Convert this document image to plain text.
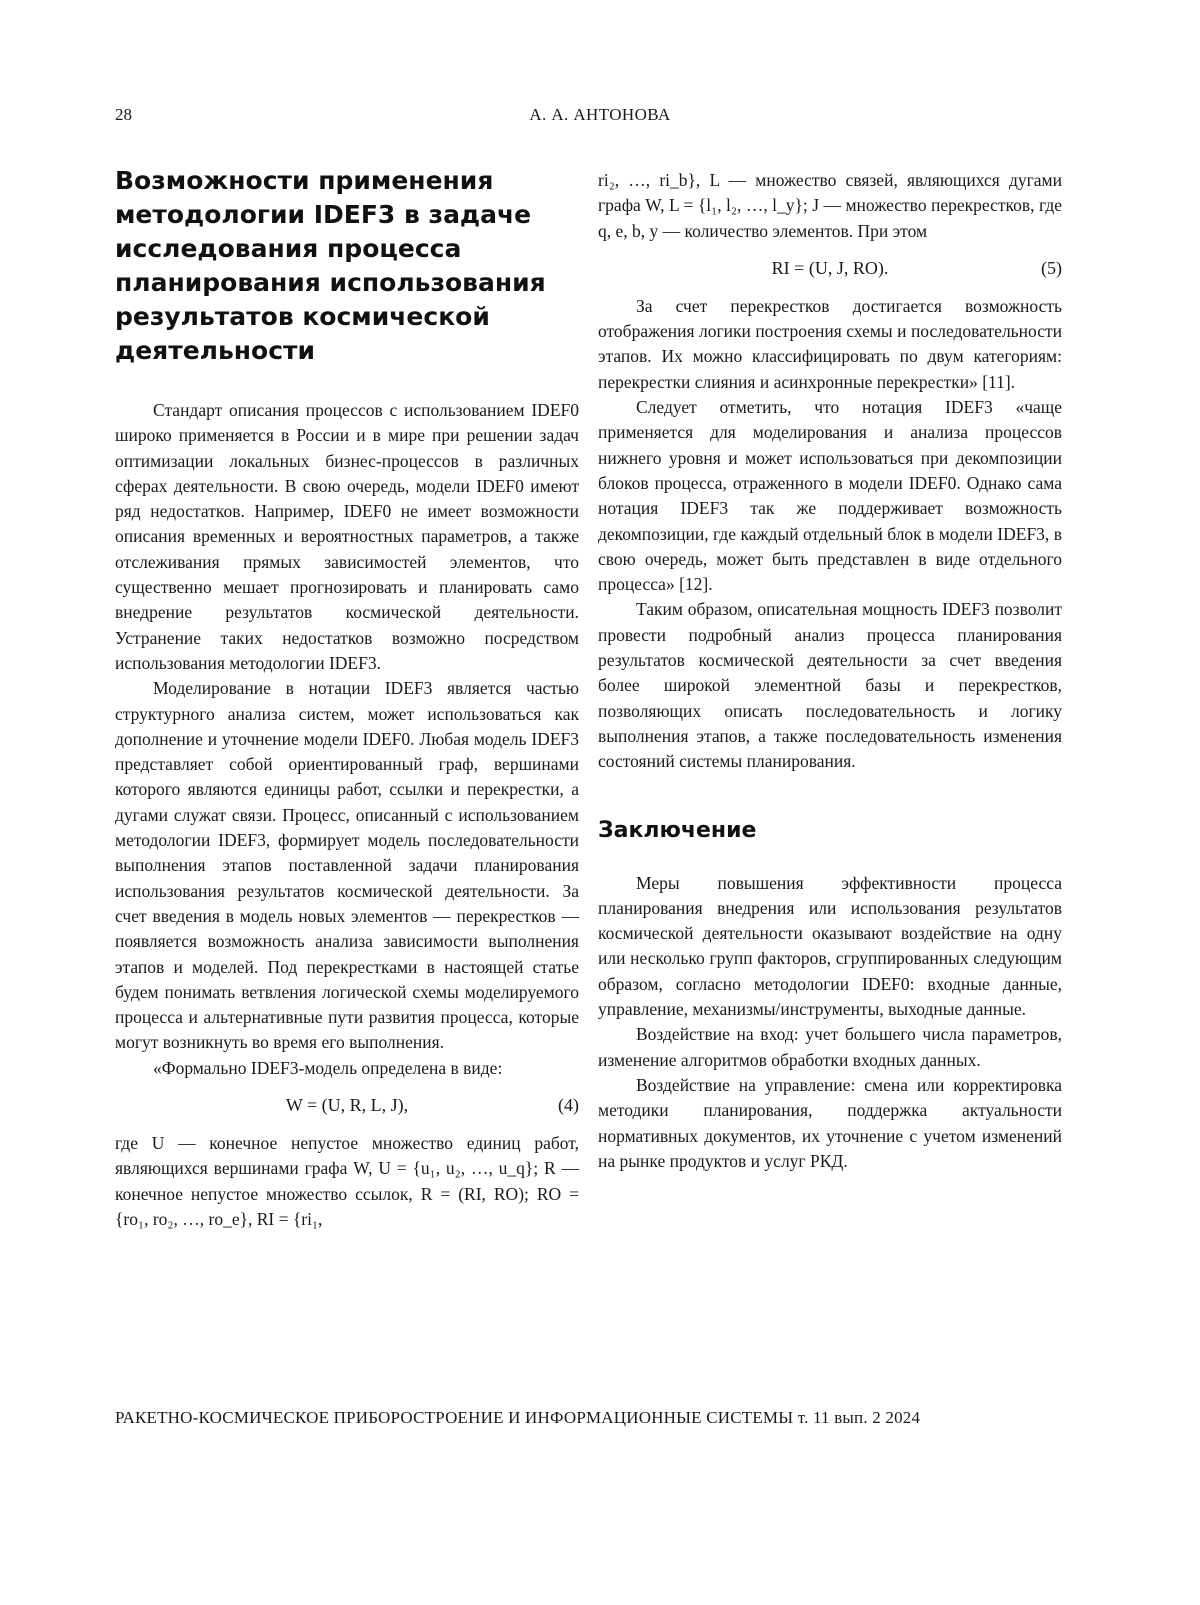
28	А. А. АНТОНОВА
Возможности применения методологии IDEF3 в задаче исследования процесса планирования использования результатов космической деятельности

Стандарт описания процессов с использованием IDEF0 широко применяется в России и в мире при решении задач оптимизации локальных бизнес-процессов в различных сферах деятельности. В свою очередь, модели IDEF0 имеют ряд недостатков. Например, IDEF0 не имеет возможности описания временных и вероятностных параметров, а также отслеживания прямых зависимостей элементов, что существенно мешает прогнозировать и планировать само внедрение результатов космической деятельности. Устранение таких недостатков возможно посредством использования методологии IDEF3.

Моделирование в нотации IDEF3 является частью структурного анализа систем, может использоваться как дополнение и уточнение модели IDEF0. Любая модель IDEF3 представляет собой ориентированный граф, вершинами которого являются единицы работ, ссылки и перекрестки, а дугами служат связи. Процесс, описанный с использованием методологии IDEF3, формирует модель последовательности выполнения этапов поставленной задачи планирования использования результатов космической деятельности. За счет введения в модель новых элементов — перекрестков — появляется возможность анализа зависимости выполнения этапов и моделей. Под перекрестками в настоящей статье будем понимать ветвления логической схемы моделируемого процесса и альтернативные пути развития процесса, которые могут возникнуть во время его выполнения.

«Формально IDEF3-модель определена в виде:

W = (U, R, L, J),	(4)

где U — конечное непустое множество единиц работ, являющихся вершинами графа W, U = {u₁, u₂, …, u_q}; R — конечное непустое множество ссылок, R = (RI, RO); RO = {ro₁, ro₂, …, ro_e}, RI = {ri₁,

ri₂, …, ri_b}, L — множество связей, являющихся дугами графа W, L = {l₁, l₂, …, l_y}; J — множество перекрестков, где q, e, b, y — количество элементов. При этом

RI = (U, J, RO).	(5)

За счет перекрестков достигается возможность отображения логики построения схемы и последовательности этапов. Их можно классифицировать по двум категориям: перекрестки слияния и асинхронные перекрестки» [11].

Следует отметить, что нотация IDEF3 «чаще применяется для моделирования и анализа процессов нижнего уровня и может использоваться при декомпозиции блоков процесса, отраженного в модели IDEF0. Однако сама нотация IDEF3 так же поддерживает возможность декомпозиции, где каждый отдельный блок в модели IDEF3, в свою очередь, может быть представлен в виде отдельного процесса» [12].

Таким образом, описательная мощность IDEF3 позволит провести подробный анализ процесса планирования результатов космической деятельности за счет введения более широкой элементной базы и перекрестков, позволяющих описать последовательность и логику выполнения этапов, а также последовательность изменения состояний системы планирования.

Заключение

Меры повышения эффективности процесса планирования внедрения или использования результатов космической деятельности оказывают воздействие на одну или несколько групп факторов, сгруппированных следующим образом, согласно методологии IDEF0: входные данные, управление, механизмы/инструменты, выходные данные.

Воздействие на вход: учет большего числа параметров, изменение алгоритмов обработки входных данных.

Воздействие на управление: смена или корректировка методики планирования, поддержка актуальности нормативных документов, их уточнение с учетом изменений на рынке продуктов и услуг РКД.

РАКЕТНО-КОСМИЧЕСКОЕ ПРИБОРОСТРОЕНИЕ И ИНФОРМАЦИОННЫЕ СИСТЕМЫ т. 11 вып. 2 2024
